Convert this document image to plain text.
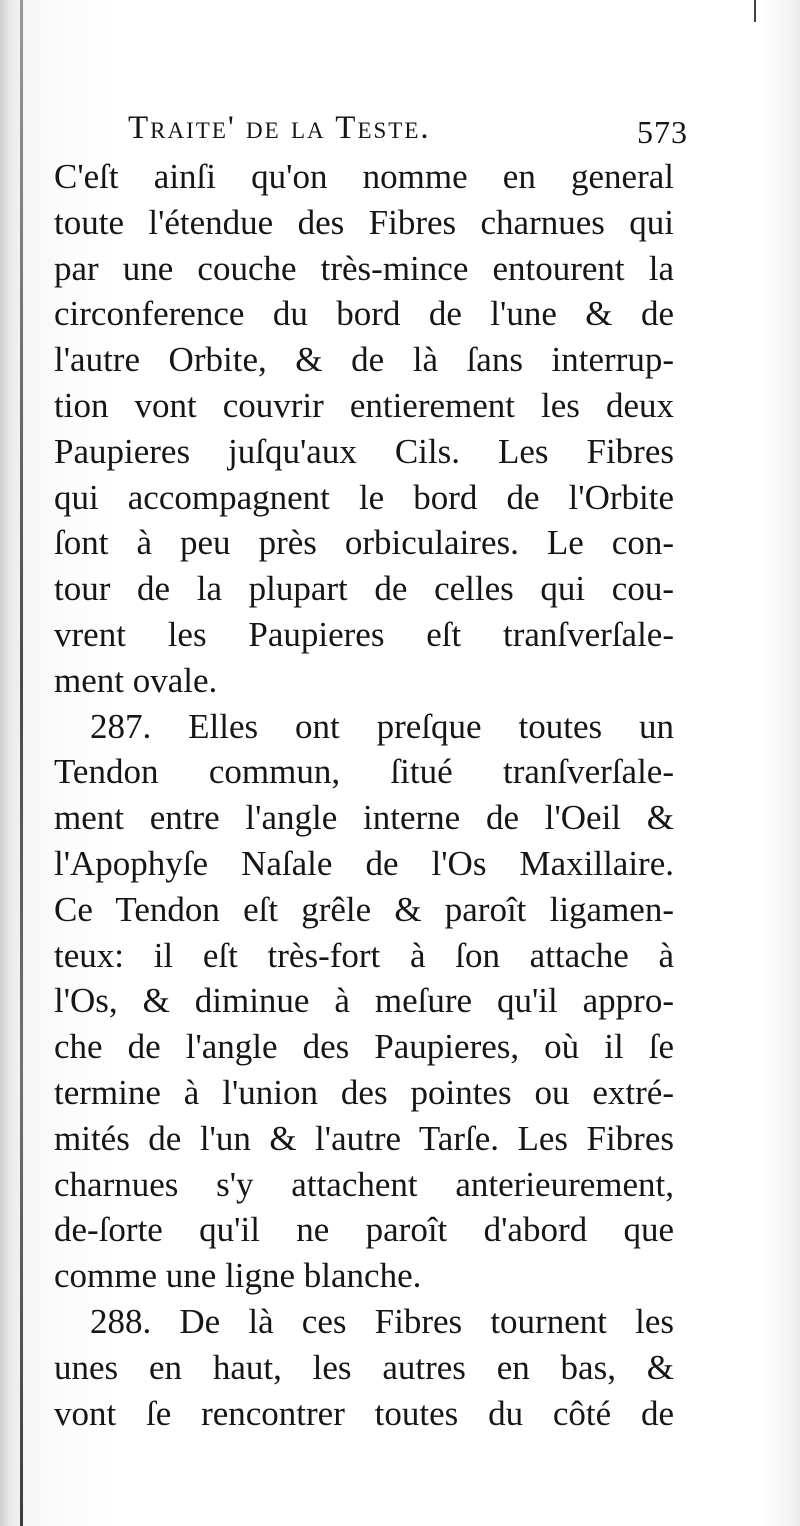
Traite' de la Teste.	573
C'eſt ainſi qu'on nomme en general
toute l'étendue des Fibres charnues qui
par une couche très-mince entourent la
circonference du bord de l'une & de
l'autre Orbite, & de là ſans interrup-
tion vont couvrir entierement les deux
Paupieres juſqu'aux Cils. Les Fibres
qui accompagnent le bord de l'Orbite
ſont à peu près orbiculaires. Le con-
tour de la plupart de celles qui cou-
vrent les Paupieres eſt tranſverſale-
ment ovale.
287. Elles ont preſque toutes un
Tendon commun, ſitué tranſverſale-
ment entre l'angle interne de l'Oeil &
l'Apophyſe Naſale de l'Os Maxillaire.
Ce Tendon eſt grêle & paroît ligamen-
teux: il eſt très-fort à ſon attache à
l'Os, & diminue à meſure qu'il appro-
che de l'angle des Paupieres, où il ſe
termine à l'union des pointes ou extré-
mités de l'un & l'autre Tarſe. Les Fibres
charnues s'y attachent anterieurement,
de-ſorte qu'il ne paroît d'abord que
comme une ligne blanche.
288. De là ces Fibres tournent les
unes en haut, les autres en bas, &
vont ſe rencontrer toutes du côté de
